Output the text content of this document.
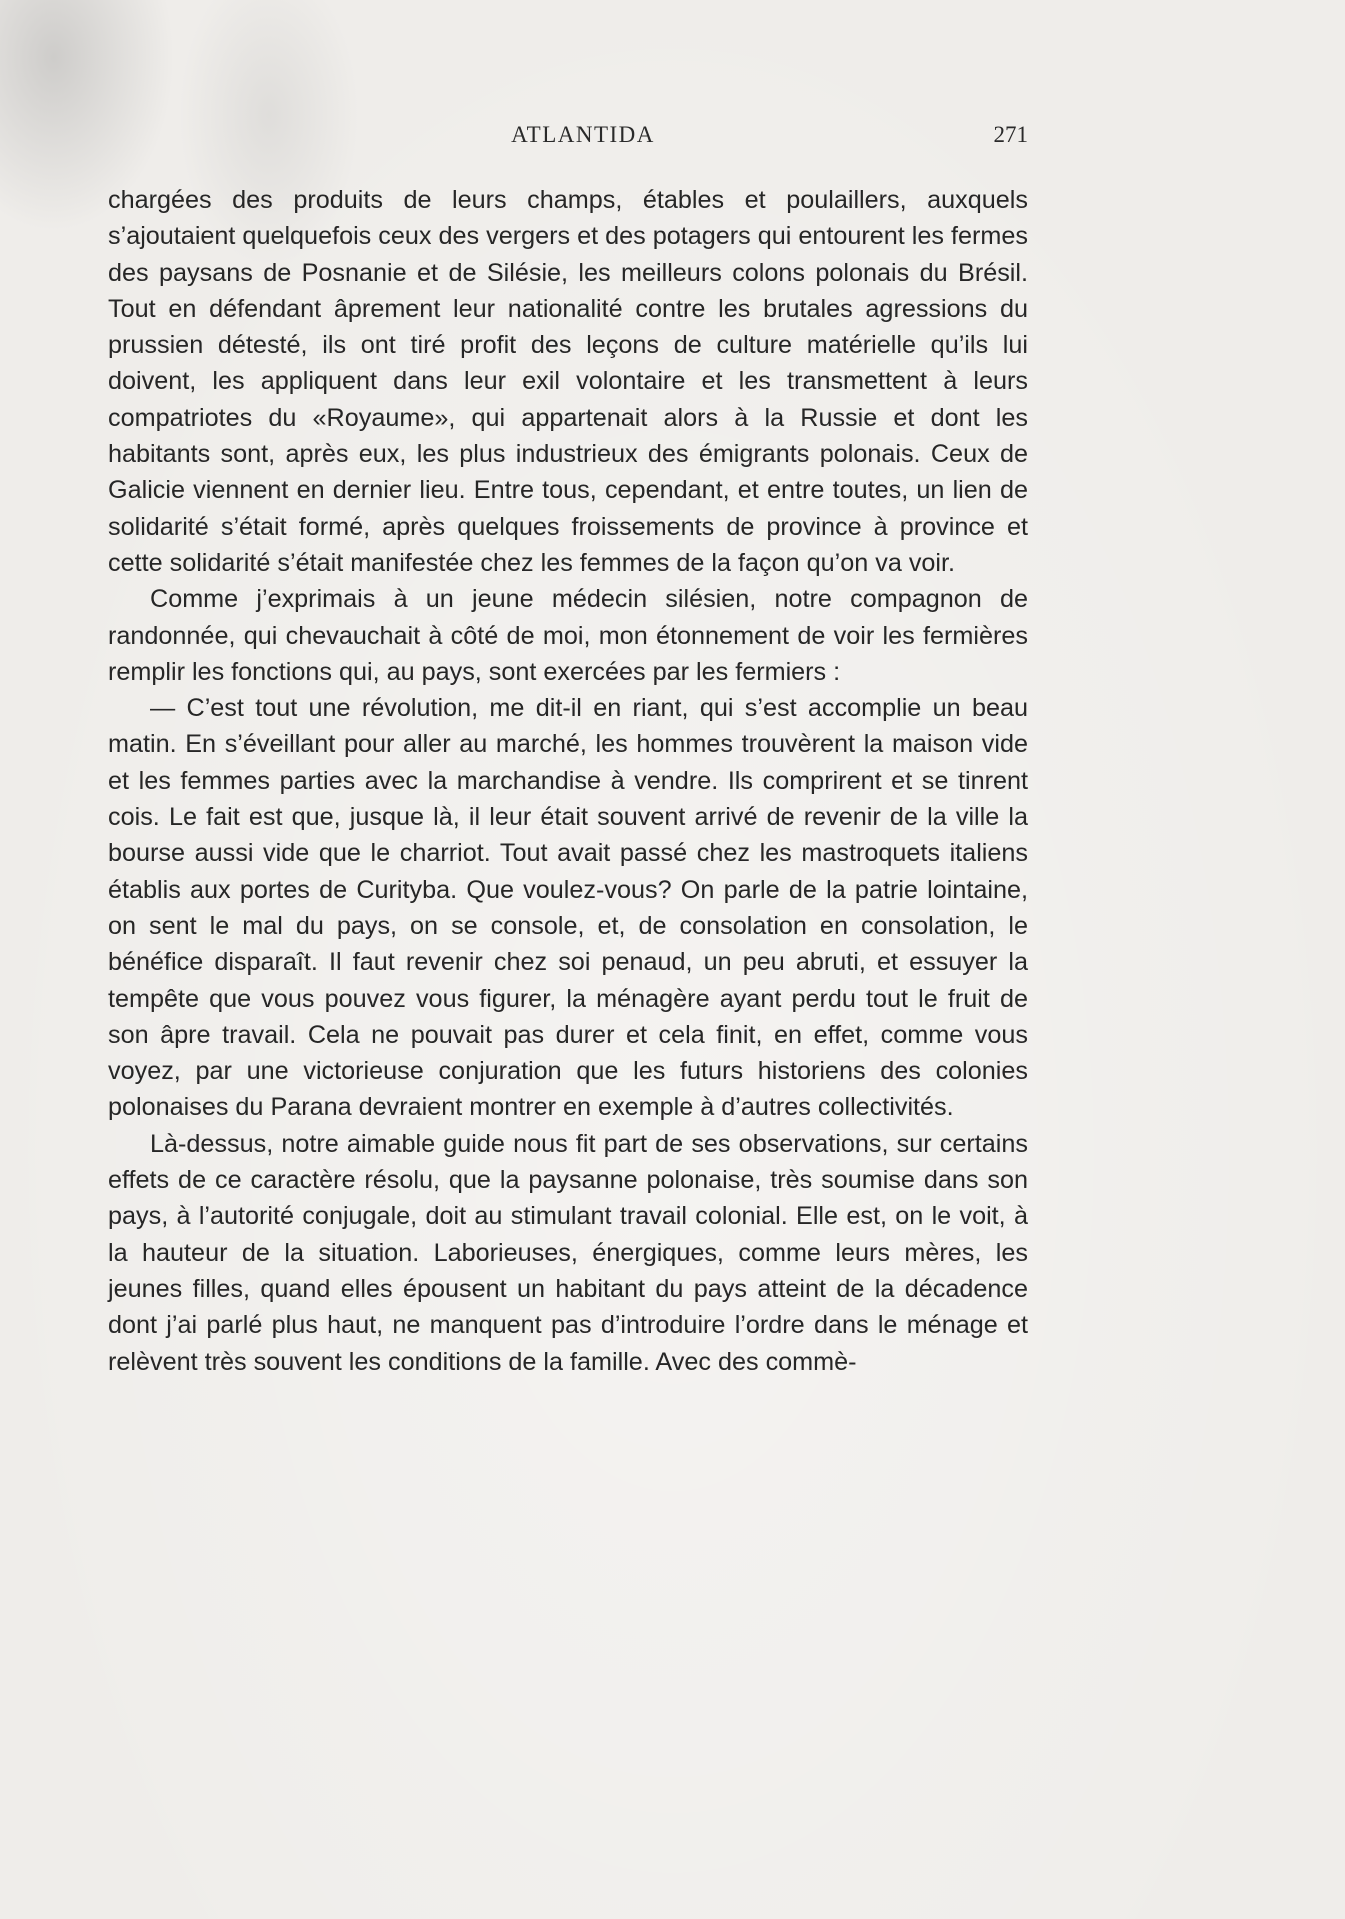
ATLANTIDA	271

chargées des produits de leurs champs, étables et poulaillers, auxquels s’ajoutaient quelquefois ceux des vergers et des potagers qui entourent les fermes des paysans de Posnanie et de Silésie, les meilleurs colons polonais du Brésil. Tout en défendant âprement leur nationalité contre les brutales agressions du prussien détesté, ils ont tiré profit des leçons de culture matérielle qu’ils lui doivent, les appliquent dans leur exil volontaire et les transmettent à leurs compatriotes du «Royaume», qui appartenait alors à la Russie et dont les habitants sont, après eux, les plus industrieux des émigrants polonais. Ceux de Galicie viennent en dernier lieu. Entre tous, cependant, et entre toutes, un lien de solidarité s’était formé, après quelques froissements de province à province et cette solidarité s’était manifestée chez les femmes de la façon qu’on va voir.

Comme j’exprimais à un jeune médecin silésien, notre compagnon de randonnée, qui chevauchait à côté de moi, mon étonnement de voir les fermières remplir les fonctions qui, au pays, sont exercées par les fermiers :

— C’est tout une révolution, me dit-il en riant, qui s’est accomplie un beau matin. En s’éveillant pour aller au marché, les hommes trouvèrent la maison vide et les femmes parties avec la marchandise à vendre. Ils comprirent et se tinrent cois. Le fait est que, jusque là, il leur était souvent arrivé de revenir de la ville la bourse aussi vide que le charriot. Tout avait passé chez les mastroquets italiens établis aux portes de Curityba. Que voulez-vous? On parle de la patrie lointaine, on sent le mal du pays, on se console, et, de consolation en consolation, le bénéfice disparaît. Il faut revenir chez soi penaud, un peu abruti, et essuyer la tempête que vous pouvez vous figurer, la ménagère ayant perdu tout le fruit de son âpre travail. Cela ne pouvait pas durer et cela finit, en effet, comme vous voyez, par une victorieuse conjuration que les futurs historiens des colonies polonaises du Parana devraient montrer en exemple à d’autres collectivités.

Là-dessus, notre aimable guide nous fit part de ses observations, sur certains effets de ce caractère résolu, que la paysanne polonaise, très soumise dans son pays, à l’autorité conjugale, doit au stimulant travail colonial. Elle est, on le voit, à la hauteur de la situation. Laborieuses, énergiques, comme leurs mères, les jeunes filles, quand elles épousent un habitant du pays atteint de la décadence dont j’ai parlé plus haut, ne manquent pas d’introduire l’ordre dans le ménage et relèvent très souvent les conditions de la famille. Avec des commè-
